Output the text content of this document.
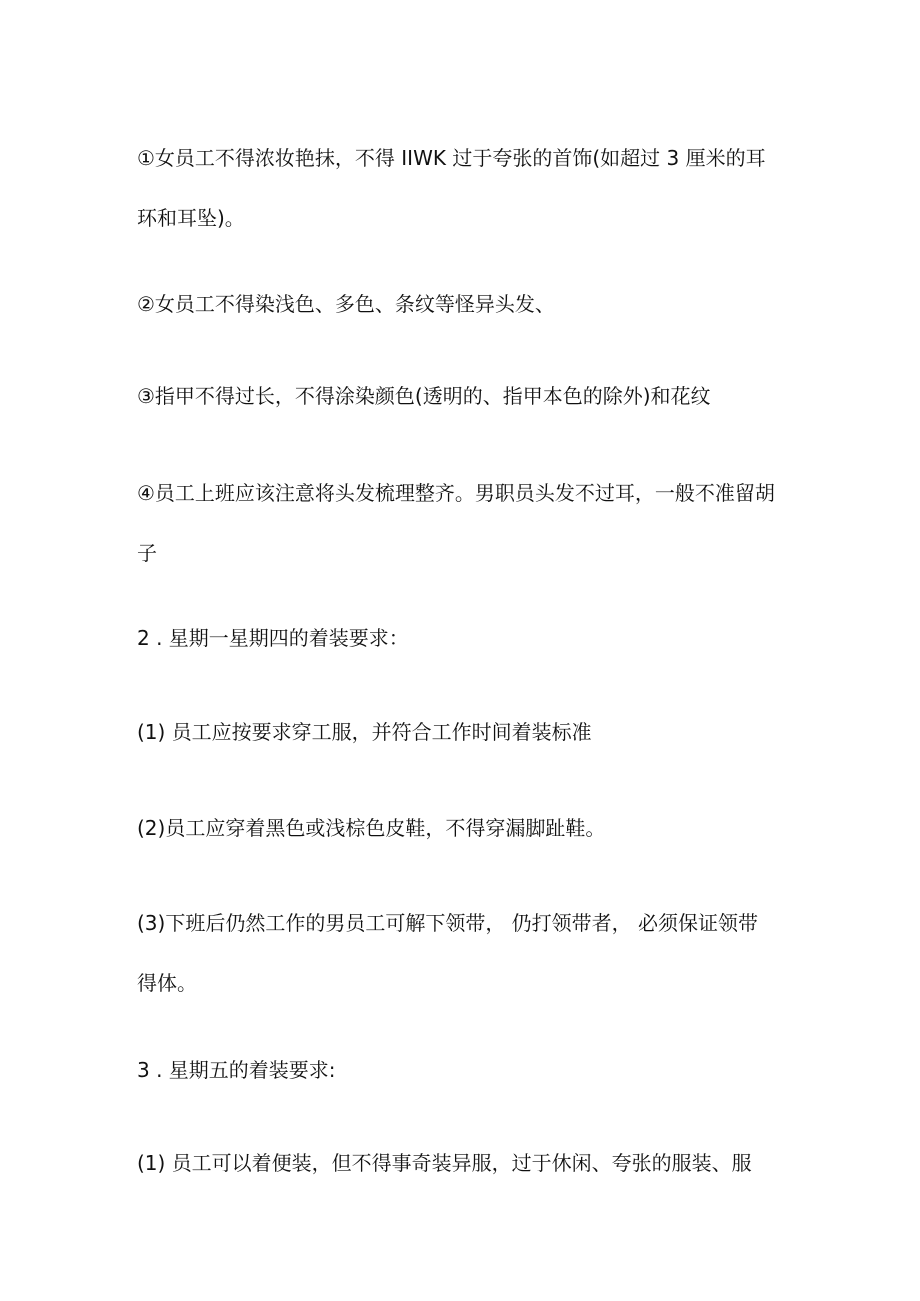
①女员工不得浓妆艳抹，不得 IIWK 过于夸张的首饰(如超过 3 厘米的耳
环和耳坠)。

②女员工不得染浅色、多色、条纹等怪异头发、

③指甲不得过长，不得涂染颜色(透明的、指甲本色的除外)和花纹

④员工上班应该注意将头发梳理整齐。男职员头发不过耳，一般不准留胡
子

2 . 星期一星期四的着装要求：

(1) 员工应按要求穿工服，并符合工作时间着装标准

(2)员工应穿着黑色或浅棕色皮鞋，不得穿漏脚趾鞋。

(3)下班后仍然工作的男员工可解下领带， 仍打领带者， 必须保证领带
得体。

3 . 星期五的着装要求:

(1) 员工可以着便装，但不得事奇装异服，过于休闲、夸张的服装、服
